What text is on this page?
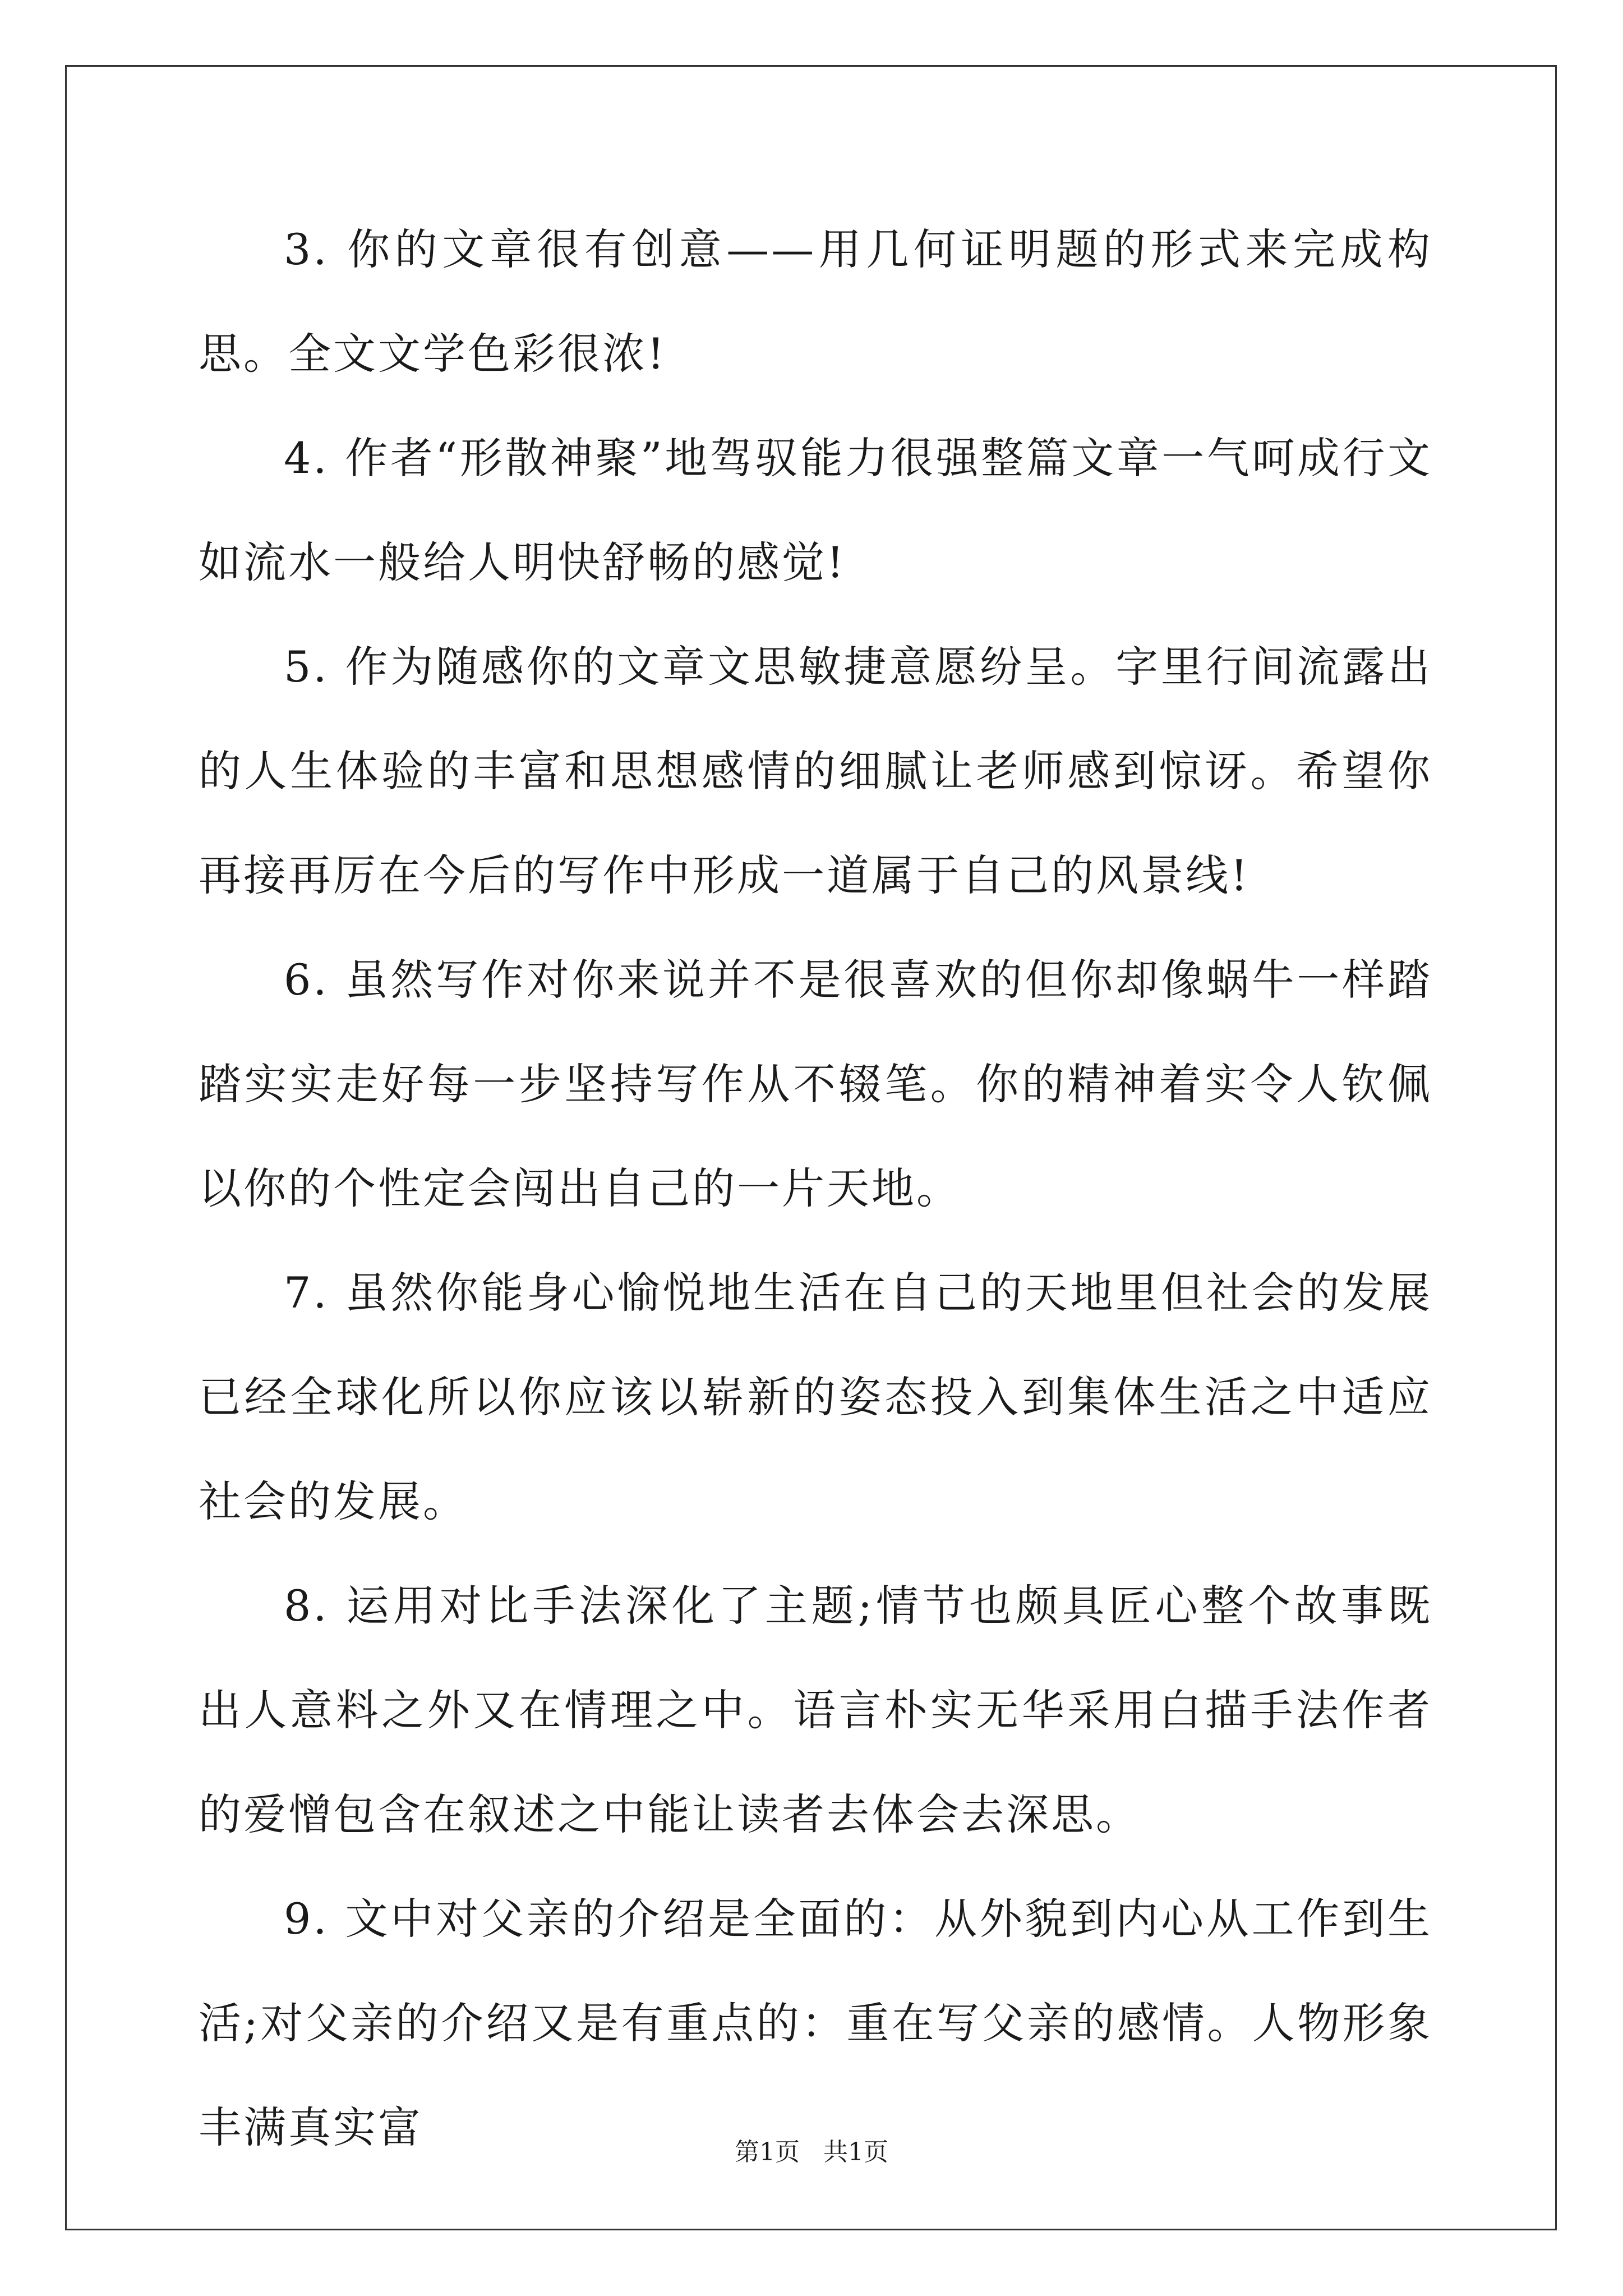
3. 你的文章很有创意——用几何证明题的形式来完成构思。全文文学色彩很浓!

4. 作者“形散神聚”地驾驭能力很强整篇文章一气呵成行文如流水一般给人明快舒畅的感觉!

5. 作为随感你的文章文思敏捷意愿纷呈。字里行间流露出的人生体验的丰富和思想感情的细腻让老师感到惊讶。希望你再接再厉在今后的写作中形成一道属于自己的风景线!

6. 虽然写作对你来说并不是很喜欢的但你却像蜗牛一样踏踏实实走好每一步坚持写作从不辍笔。你的精神着实令人钦佩以你的个性定会闯出自己的一片天地。

7. 虽然你能身心愉悦地生活在自己的天地里但社会的发展已经全球化所以你应该以崭新的姿态投入到集体生活之中适应社会的发展。

8. 运用对比手法深化了主题;情节也颇具匠心整个故事既出人意料之外又在情理之中。语言朴实无华采用白描手法作者的爱憎包含在叙述之中能让读者去体会去深思。

9. 文中对父亲的介绍是全面的：从外貌到内心从工作到生活;对父亲的介绍又是有重点的：重在写父亲的感情。人物形象丰满真实富	第1页   共1页
